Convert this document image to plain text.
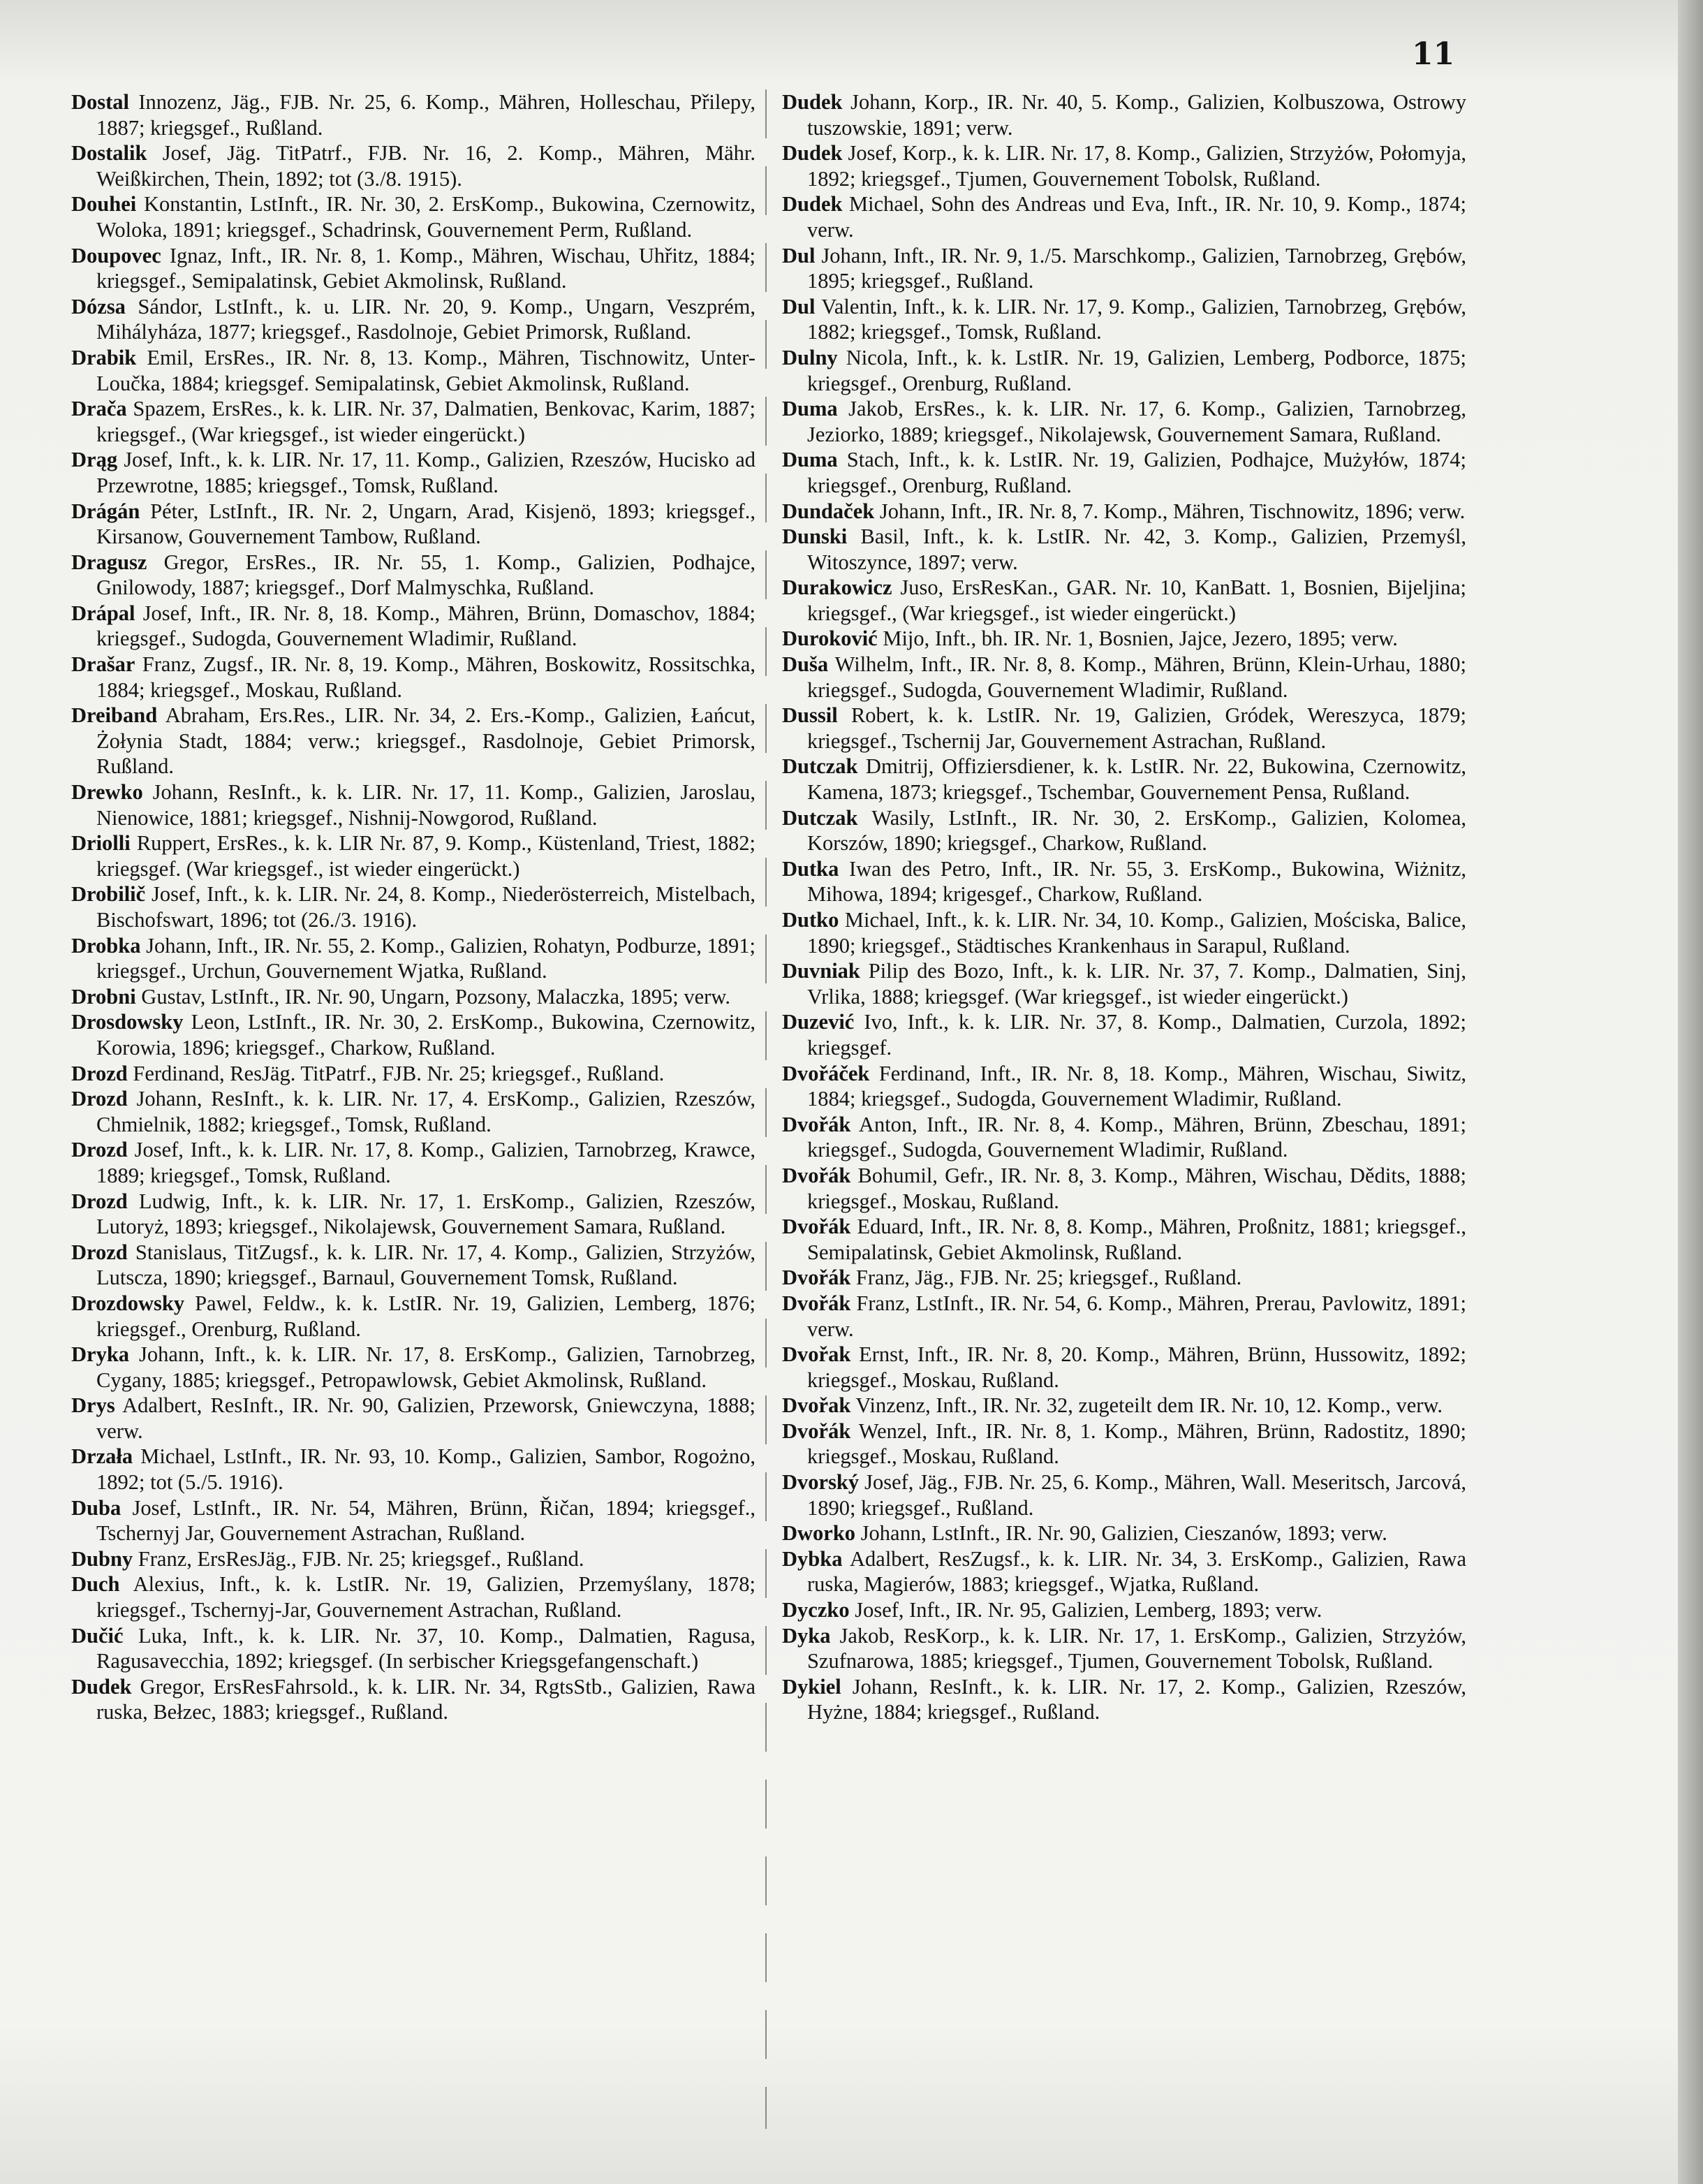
11
Dostal Innozenz, Jäg., FJB. Nr. 25, 6. Komp., Mähren, Holleschau, Přilepy, 1887; kriegsgef., Rußland.
Dostalik Josef, Jäg. TitPatrf., FJB. Nr. 16, 2. Komp., Mähren, Mähr. Weißkirchen, Thein, 1892; tot (3./8. 1915).
Douhei Konstantin, LstInft., IR. Nr. 30, 2. ErsKomp., Bukowina, Czernowitz, Woloka, 1891; kriegsgef., Schadrinsk, Gouvernement Perm, Rußland.
Doupovec Ignaz, Inft., IR. Nr. 8, 1. Komp., Mähren, Wischau, Uhřitz, 1884; kriegsgef., Semipalatinsk, Gebiet Akmolinsk, Rußland.
Dózsa Sándor, LstInft., k. u. LIR. Nr. 20, 9. Komp., Ungarn, Veszprém, Mihályháza, 1877; kriegsgef., Rasdolnoje, Gebiet Primorsk, Rußland.
Drabik Emil, ErsRes., IR. Nr. 8, 13. Komp., Mähren, Tischnowitz, Unter-Loučka, 1884; kriegsgef. Semipalatinsk, Gebiet Akmolinsk, Rußland.
Drača Spazem, ErsRes., k. k. LIR. Nr. 37, Dalmatien, Benkovac, Karim, 1887; kriegsgef., (War kriegsgef., ist wieder eingerückt.)
Drąg Josef, Inft., k. k. LIR. Nr. 17, 11. Komp., Galizien, Rzeszów, Hucisko ad Przewrotne, 1885; kriegsgef., Tomsk, Rußland.
Drágán Péter, LstInft., IR. Nr. 2, Ungarn, Arad, Kisjenö, 1893; kriegsgef., Kirsanow, Gouvernement Tambow, Rußland.
Dragusz Gregor, ErsRes., IR. Nr. 55, 1. Komp., Galizien, Podhajce, Gnilowody, 1887; kriegsgef., Dorf Malmyschka, Rußland.
Drápal Josef, Inft., IR. Nr. 8, 18. Komp., Mähren, Brünn, Domaschov, 1884; kriegsgef., Sudogda, Gouvernement Wladimir, Rußland.
Drašar Franz, Zugsf., IR. Nr. 8, 19. Komp., Mähren, Boskowitz, Rossitschka, 1884; kriegsgef., Moskau, Rußland.
Dreiband Abraham, Ers.Res., LIR. Nr. 34, 2. Ers.-Komp., Galizien, Łańcut, Żołynia Stadt, 1884; verw.; kriegsgef., Rasdolnoje, Gebiet Primorsk, Rußland.
Drewko Johann, ResInft., k. k. LIR. Nr. 17, 11. Komp., Galizien, Jaroslau, Nienowice, 1881; kriegsgef., Nishnij-Nowgorod, Rußland.
Driolli Ruppert, ErsRes., k. k. LIR Nr. 87, 9. Komp., Küstenland, Triest, 1882; kriegsgef. (War kriegsgef., ist wieder eingerückt.)
Drobilič Josef, Inft., k. k. LIR. Nr. 24, 8. Komp., Niederösterreich, Mistelbach, Bischofswart, 1896; tot (26./3. 1916).
Drobka Johann, Inft., IR. Nr. 55, 2. Komp., Galizien, Rohatyn, Podburze, 1891; kriegsgef., Urchun, Gouvernement Wjatka, Rußland.
Drobni Gustav, LstInft., IR. Nr. 90, Ungarn, Pozsony, Malaczka, 1895; verw.
Drosdowsky Leon, LstInft., IR. Nr. 30, 2. ErsKomp., Bukowina, Czernowitz, Korowia, 1896; kriegsgef., Charkow, Rußland.
Drozd Ferdinand, ResJäg. TitPatrf., FJB. Nr. 25; kriegsgef., Rußland.
Drozd Johann, ResInft., k. k. LIR. Nr. 17, 4. ErsKomp., Galizien, Rzeszów, Chmielnik, 1882; kriegsgef., Tomsk, Rußland.
Drozd Josef, Inft., k. k. LIR. Nr. 17, 8. Komp., Galizien, Tarnobrzeg, Krawce, 1889; kriegsgef., Tomsk, Rußland.
Drozd Ludwig, Inft., k. k. LIR. Nr. 17, 1. ErsKomp., Galizien, Rzeszów, Lutoryż, 1893; kriegsgef., Nikolajewsk, Gouvernement Samara, Rußland.
Drozd Stanislaus, TitZugsf., k. k. LIR. Nr. 17, 4. Komp., Galizien, Strzyżów, Lutscza, 1890; kriegsgef., Barnaul, Gouvernement Tomsk, Rußland.
Drozdowsky Pawel, Feldw., k. k. LstIR. Nr. 19, Galizien, Lemberg, 1876; kriegsgef., Orenburg, Rußland.
Dryka Johann, Inft., k. k. LIR. Nr. 17, 8. ErsKomp., Galizien, Tarnobrzeg, Cygany, 1885; kriegsgef., Petropawlowsk, Gebiet Akmolinsk, Rußland.
Drys Adalbert, ResInft., IR. Nr. 90, Galizien, Przeworsk, Gniewczyna, 1888; verw.
Drzała Michael, LstInft., IR. Nr. 93, 10. Komp., Galizien, Sambor, Rogożno, 1892; tot (5./5. 1916).
Duba Josef, LstInft., IR. Nr. 54, Mähren, Brünn, Řičan, 1894; kriegsgef., Tschernyj Jar, Gouvernement Astrachan, Rußland.
Dubny Franz, ErsResJäg., FJB. Nr. 25; kriegsgef., Rußland.
Duch Alexius, Inft., k. k. LstIR. Nr. 19, Galizien, Przemyślany, 1878; kriegsgef., Tschernyj-Jar, Gouvernement Astrachan, Rußland.
Dučić Luka, Inft., k. k. LIR. Nr. 37, 10. Komp., Dalmatien, Ragusa, Ragusavecchia, 1892; kriegsgef. (In serbischer Kriegsgefangenschaft.)
Dudek Gregor, ErsResFahrsold., k. k. LIR. Nr. 34, RgtsStb., Galizien, Rawa ruska, Bełzec, 1883; kriegsgef., Rußland.
Dudek Johann, Korp., IR. Nr. 40, 5. Komp., Galizien, Kolbuszowa, Ostrowy tuszowskie, 1891; verw.
Dudek Josef, Korp., k. k. LIR. Nr. 17, 8. Komp., Galizien, Strzyżów, Połomyja, 1892; kriegsgef., Tjumen, Gouvernement Tobolsk, Rußland.
Dudek Michael, Sohn des Andreas und Eva, Inft., IR. Nr. 10, 9. Komp., 1874; verw.
Dul Johann, Inft., IR. Nr. 9, 1./5. Marschkomp., Galizien, Tarnobrzeg, Grębów, 1895; kriegsgef., Rußland.
Dul Valentin, Inft., k. k. LIR. Nr. 17, 9. Komp., Galizien, Tarnobrzeg, Grębów, 1882; kriegsgef., Tomsk, Rußland.
Dulny Nicola, Inft., k. k. LstIR. Nr. 19, Galizien, Lemberg, Podborce, 1875; kriegsgef., Orenburg, Rußland.
Duma Jakob, ErsRes., k. k. LIR. Nr. 17, 6. Komp., Galizien, Tarnobrzeg, Jeziorko, 1889; kriegsgef., Nikolajewsk, Gouvernement Samara, Rußland.
Duma Stach, Inft., k. k. LstIR. Nr. 19, Galizien, Podhajce, Mużyłów, 1874; kriegsgef., Orenburg, Rußland.
Dundaček Johann, Inft., IR. Nr. 8, 7. Komp., Mähren, Tischnowitz, 1896; verw.
Dunski Basil, Inft., k. k. LstIR. Nr. 42, 3. Komp., Galizien, Przemyśl, Witoszynce, 1897; verw.
Durakowicz Juso, ErsResKan., GAR. Nr. 10, KanBatt. 1, Bosnien, Bijeljina; kriegsgef., (War kriegsgef., ist wieder eingerückt.)
Duroković Mijo, Inft., bh. IR. Nr. 1, Bosnien, Jajce, Jezero, 1895; verw.
Duša Wilhelm, Inft., IR. Nr. 8, 8. Komp., Mähren, Brünn, Klein-Urhau, 1880; kriegsgef., Sudogda, Gouvernement Wladimir, Rußland.
Dussil Robert, k. k. LstIR. Nr. 19, Galizien, Gródek, Wereszyca, 1879; kriegsgef., Tschernij Jar, Gouvernement Astrachan, Rußland.
Dutczak Dmitrij, Offiziersdiener, k. k. LstIR. Nr. 22, Bukowina, Czernowitz, Kamena, 1873; kriegsgef., Tschembar, Gouvernement Pensa, Rußland.
Dutczak Wasily, LstInft., IR. Nr. 30, 2. ErsKomp., Galizien, Kolomea, Korszów, 1890; kriegsgef., Charkow, Rußland.
Dutka Iwan des Petro, Inft., IR. Nr. 55, 3. ErsKomp., Bukowina, Wiżnitz, Mihowa, 1894; krigesgef., Charkow, Rußland.
Dutko Michael, Inft., k. k. LIR. Nr. 34, 10. Komp., Galizien, Mościska, Balice, 1890; kriegsgef., Städtisches Krankenhaus in Sarapul, Rußland.
Duvniak Pilip des Bozo, Inft., k. k. LIR. Nr. 37, 7. Komp., Dalmatien, Sinj, Vrlika, 1888; kriegsgef. (War kriegsgef., ist wieder eingerückt.)
Duzević Ivo, Inft., k. k. LIR. Nr. 37, 8. Komp., Dalmatien, Curzola, 1892; kriegsgef.
Dvořáček Ferdinand, Inft., IR. Nr. 8, 18. Komp., Mähren, Wischau, Siwitz, 1884; kriegsgef., Sudogda, Gouvernement Wladimir, Rußland.
Dvořák Anton, Inft., IR. Nr. 8, 4. Komp., Mähren, Brünn, Zbeschau, 1891; kriegsgef., Sudogda, Gouvernement Wladimir, Rußland.
Dvořák Bohumil, Gefr., IR. Nr. 8, 3. Komp., Mähren, Wischau, Dědits, 1888; kriegsgef., Moskau, Rußland.
Dvořák Eduard, Inft., IR. Nr. 8, 8. Komp., Mähren, Proßnitz, 1881; kriegsgef., Semipalatinsk, Gebiet Akmolinsk, Rußland.
Dvořák Franz, Jäg., FJB. Nr. 25; kriegsgef., Rußland.
Dvořák Franz, LstInft., IR. Nr. 54, 6. Komp., Mähren, Prerau, Pavlowitz, 1891; verw.
Dvořak Ernst, Inft., IR. Nr. 8, 20. Komp., Mähren, Brünn, Hussowitz, 1892; kriegsgef., Moskau, Rußland.
Dvořak Vinzenz, Inft., IR. Nr. 32, zugeteilt dem IR. Nr. 10, 12. Komp., verw.
Dvořák Wenzel, Inft., IR. Nr. 8, 1. Komp., Mähren, Brünn, Radostitz, 1890; kriegsgef., Moskau, Rußland.
Dvorský Josef, Jäg., FJB. Nr. 25, 6. Komp., Mähren, Wall. Meseritsch, Jarcová, 1890; kriegsgef., Rußland.
Dworko Johann, LstInft., IR. Nr. 90, Galizien, Cieszanów, 1893; verw.
Dybka Adalbert, ResZugsf., k. k. LIR. Nr. 34, 3. ErsKomp., Galizien, Rawa ruska, Magierów, 1883; kriegsgef., Wjatka, Rußland.
Dyczko Josef, Inft., IR. Nr. 95, Galizien, Lemberg, 1893; verw.
Dyka Jakob, ResKorp., k. k. LIR. Nr. 17, 1. ErsKomp., Galizien, Strzyżów, Szufnarowa, 1885; kriegsgef., Tjumen, Gouvernement Tobolsk, Rußland.
Dykiel Johann, ResInft., k. k. LIR. Nr. 17, 2. Komp., Galizien, Rzeszów, Hyżne, 1884; kriegsgef., Rußland.
